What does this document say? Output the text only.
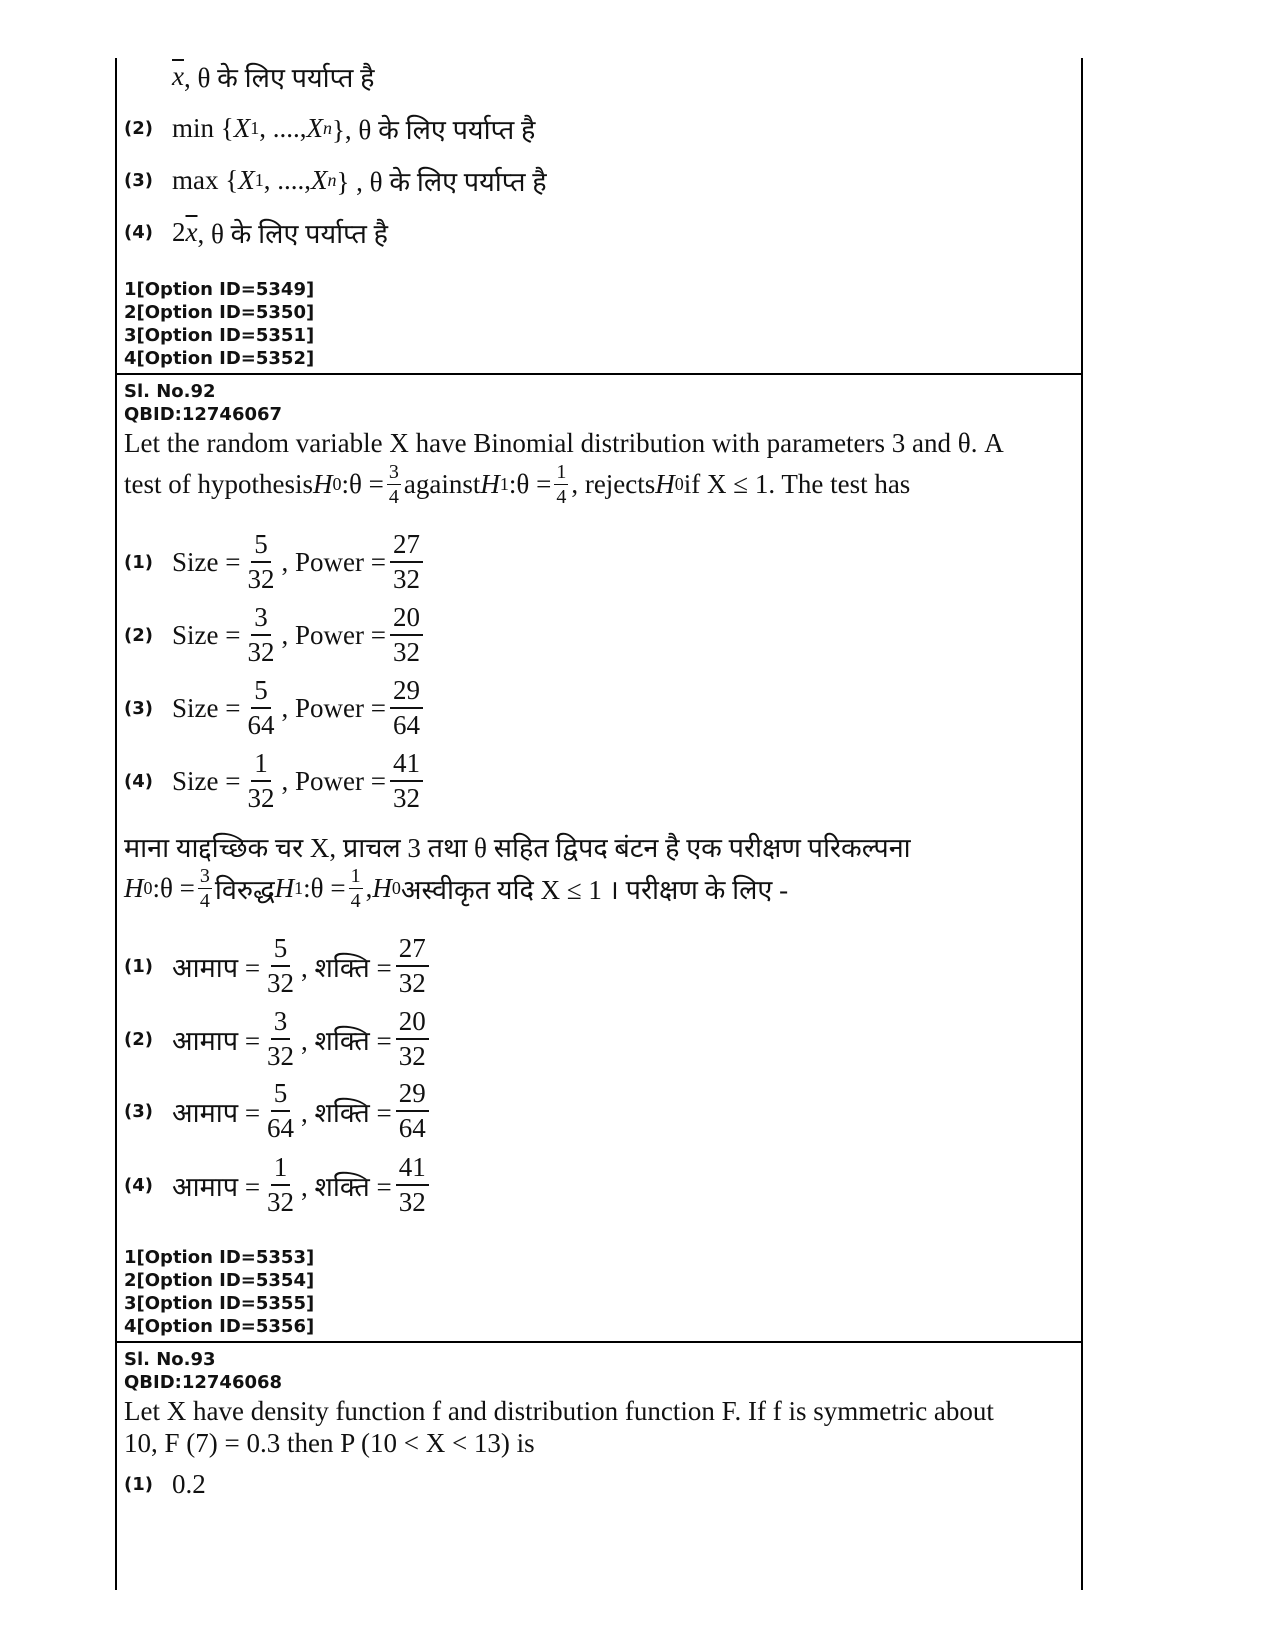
$\overline{x}$ , θ के लिए पर्याप्त है
(2) min { X 1 , ...., X n }, θ के लिए पर्याप्त है
(3) max { X 1 , ...., X n } , θ के लिए पर्याप्त है
(4) 2 $\overline{x}$ , θ के लिए पर्याप्त है
1[Option ID=5349]
2[Option ID=5350]
3[Option ID=5351]
4[Option ID=5352]
Sl. No.92
QBID:12746067
Let the random variable X have Binomial distribution with parameters 3 and θ. A
test of hypothesis H 0 :θ = $\frac{3}{4}$ against H 1 :θ = $\frac{1}{4}$ , rejects H 0 if X ≤ 1. The test has
(1) Size = $\frac{5}{32}$ , Power = $\frac{27}{32}$
(2) Size = $\frac{3}{32}$ , Power = $\frac{20}{32}$
(3) Size = $\frac{5}{64}$ , Power = $\frac{29}{64}$
(4) Size = $\frac{1}{32}$ , Power = $\frac{41}{32}$
माना याद्दच्छिक चर X, प्राचल 3 तथा θ सहित द्विपद बंटन है एक परीक्षण परिकल्पना
H 0 :θ = $\frac{3}{4}$ विरुद्ध H 1 :θ = $\frac{1}{4}$ , H 0 अस्वीकृत यदि X ≤ 1 । परीक्षण के लिए -
(1) आमाप = $\frac{5}{32}$ , शक्ति = $\frac{27}{32}$
(2) आमाप = $\frac{3}{32}$ , शक्ति = $\frac{20}{32}$
(3) आमाप = $\frac{5}{64}$ , शक्ति = $\frac{29}{64}$
(4) आमाप = $\frac{1}{32}$ , शक्ति = $\frac{41}{32}$
1[Option ID=5353]
2[Option ID=5354]
3[Option ID=5355]
4[Option ID=5356]
Sl. No.93
QBID:12746068
Let X have density function f and distribution function F. If f is symmetric about
10, F (7) = 0.3 then P (10 < X < 13) is
(1) 0.2
